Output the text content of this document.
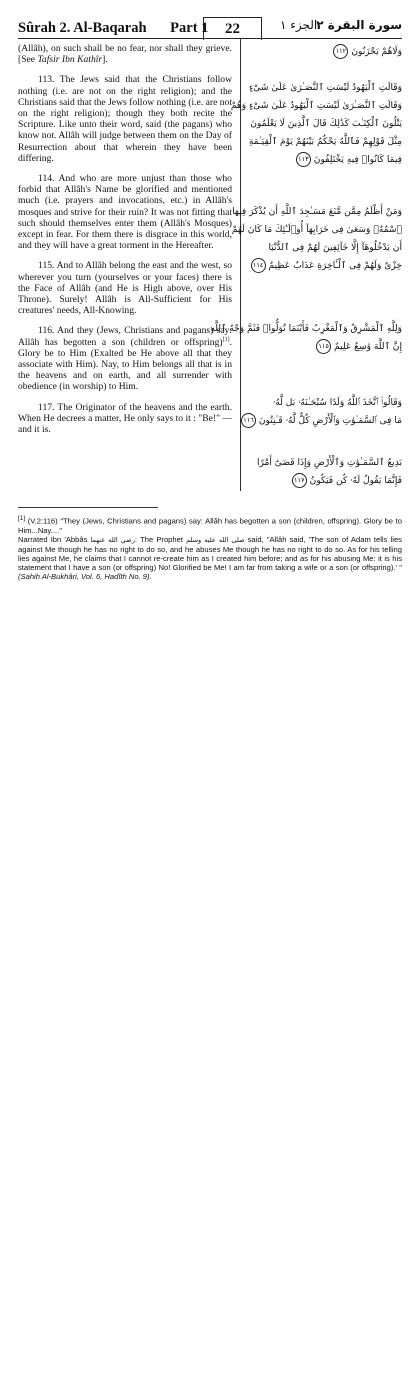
Sûrah 2. Al-Baqarah Part 1	22	الجزء ١ سورة البقرة ٢

(Allâh), on such shall be no fear, nor shall they grieve. [See Tafsir Ibn Kathîr].

113. The Jews said that the Christians follow nothing (i.e. are not on the right religion); and the Christians said that the Jews follow nothing (i.e. are not on the right religion); though they both recite the Scripture. Like unto their word, said (the pagans) who know not. Allâh will judge between them on the Day of Resurrection about that wherein they have been differing.

114. And who are more unjust than those who forbid that Allâh's Name be glorified and mentioned much (i.e. prayers and invocations, etc.) in Allâh's mosques and strive for their ruin? It was not fitting that such should themselves enter them (Allâh's Mosques) except in fear. For them there is disgrace in this world, and they will have a great torment in the Hereafter.

115. And to Allâh belong the east and the west, so wherever you turn (yourselves or your faces) there is the Face of Allâh (and He is High above, over His Throne). Surely! Allâh is All-Sufficient for His creatures' needs, All-Knowing.

116. And they (Jews, Christians and pagans) say: Allâh has begotten a son (children or offspring)[1]. Glory be to Him (Exalted be He above all that they associate with Him). Nay, to Him belongs all that is in the heavens and on earth, and all surrender with obedience (in worship) to Him.

117. The Originator of the heavens and the earth. When He decrees a matter, He only says to it : "Be!" — and it is.

وَلَاهُمْ يَحْزَنُونَ ١١٢
وَقَالَتِ ٱلْيَهُودُ لَيْسَتِ ٱلنَّصَـٰرَىٰ عَلَىٰ شَىْءٍ
وَقَالَتِ ٱلنَّصَـٰرَىٰ لَيْسَتِ ٱلْيَهُودُ عَلَىٰ شَىْءٍ وَهُمْ
يَتْلُونَ ٱلْكِتَـٰبَ كَذَٰلِكَ قَالَ ٱلَّذِينَ لَا يَعْلَمُونَ
مِثْلَ قَوْلِهِمْ فَٱللَّهُ يَحْكُمُ بَيْنَهُمْ يَوْمَ ٱلْقِيَـٰمَةِ
فِيمَا كَانُوا۟ فِيهِ يَخْتَلِفُونَ ١١٣
وَمَنْ أَظْلَمُ مِمَّن مَّنَعَ مَسَـٰجِدَ ٱللَّهِ أَن يُذْكَرَ فِيهَا
ٱسْمُهُۥ وَسَعَىٰ فِى خَرَابِهَآ أُو۟لَـٰٓئِكَ مَا كَانَ لَهُمْ
أَن يَدْخُلُوهَآ إِلَّا خَآئِفِينَ لَهُمْ فِى ٱلدُّنْيَا
خِزْىٌ وَلَهُمْ فِى ٱلْـَٔاخِرَةِ عَذَابٌ عَظِيمٌ ١١٤
وَلِلَّهِ ٱلْمَشْرِقُ وَٱلْمَغْرِبُ فَأَيْنَمَا تُوَلُّوا۟ فَثَمَّ وَجْهُ ٱللَّهِ
إِنَّ ٱللَّهَ وَٰسِعٌ عَلِيمٌ ١١٥
وَقَالُوا۟ ٱتَّخَذَ ٱللَّهُ وَلَدًا سُبْحَـٰنَهُۥ بَل لَّهُۥ
مَا فِى ٱلسَّمَـٰوَٰتِ وَٱلْأَرْضِ كُلٌّ لَّهُۥ قَـٰنِتُونَ ١١٦
بَدِيعُ ٱلسَّمَـٰوَٰتِ وَٱلْأَرْضِ وَإِذَا قَضَىٰٓ أَمْرًا
فَإِنَّمَا يَقُولُ لَهُۥ كُن فَيَكُونُ ١١٧

[1] (V.2:116) "They (Jews, Christians and pagans) say: Allâh has begotten a son (children, offspring). Glory be to Him...Nay...."

Narrated Ibn 'Abbâs رضي الله عنهما: The Prophet صلى الله عليه وسلم said, "Allâh said, 'The son of Adam tells lies against Me though he has no right to do so, and he abuses Me though he has no right to do so. As for his telling lies against Me, he claims that I cannot re-create him as I created him before; and as for his abusing Me: it is his statement that I have a son (or offspring) No! Glorified be Me! I am far from taking a wife or a son (or offspring).' " (Sahih Al-Bukhâri, Vol. 6, Hadîth No. 9).
